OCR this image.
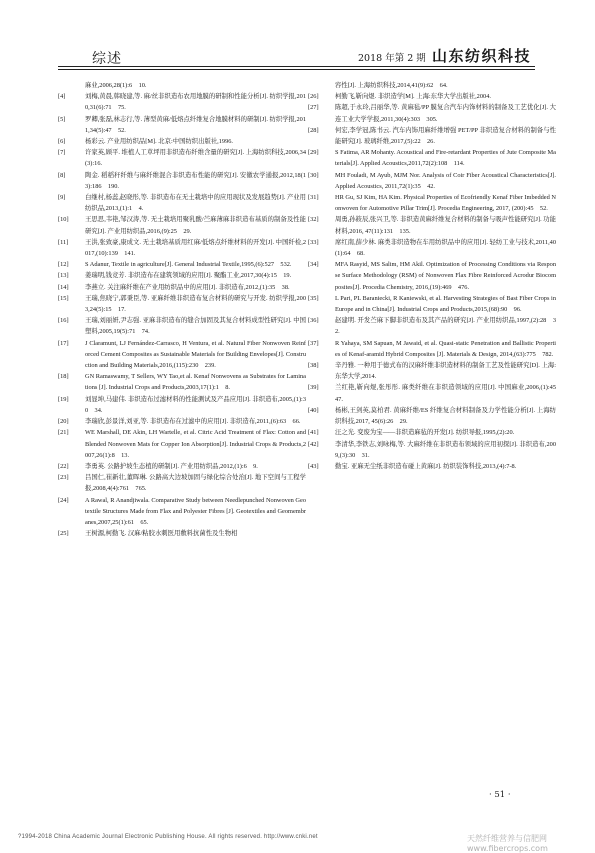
综述	2018 年第 2 期 山东纺织科技

麻业,2006,28(1):6　10.

[4]	刘梅,黄晨,韩晓建,等. 麻/丝非织造布农用地膜的研制和性能分析[J]. 纺织学报,2010,31(6):71　75.

[5]	罗卿,张磊,林志行,等. 薄型黄麻/低熔点纤维复合地膜材料的研制[J]. 纺织学报,2011,34(5):47　52.

[6]	杨彩云. 产业用纺织品[M]. 北京:中国纺织出版社,1996.

[7]	许家英,顾平. 堆植人工草坪用非织造布纤维含量的研究[J]. 上海纺织科技,2006,34(3):16.

[8]	陶金. 稻稻秆纤维与麻纤维混合非织造布性能的研究[J]. 安徽农学通报,2012,18(13):186　190.

[9]	白继村,杨蕊,赵晓彤,等. 非织造布在无土栽培中的应用现状及发展趋势[J]. 产业用纺织品,2013,(1):1　4.

[10]	王思思,韦艳,邹汉涛,等. 无土栽培用聚乳酸/苎麻薄麻非织造布基质的制备及性能研究[J]. 产业用纺织品,2016,(9):25　29.

[11]	王洪,张致豪,康成文. 无土栽培基质用红麻/低熔点纤维材料的开发[J]. 中国纤检,2017,(10):139　141.

[12]	S Adanur, Textile in agriculture[J]. General Industrial Textile,1995,(6):527　532.

[13]	姜瑞明,钱竞芳. 非织造布在建筑领域的应用[J]. 聚酯工业,2017,30(4):15　19.

[14]	李燕立. 关注麻纤维在产业用纺织品中的应用[J]. 非织造布,2012,(1):35　38.

[15]	王瑞,焦晓宁,郭秉臣,等. 亚麻纤维非织造布复合材料的研究与开发. 纺织学报,2003,24(5):15　17.

[16]	王瑞,刘丽妍,尹志强. 亚麻非织造布的缝合加固及其复合材料成型性研究[J]. 中国塑料,2005,19(5):71　74.

[17]	J Claramunt, LJ Fernández-Carrasco, H Ventura, et al. Natural Fiber Nonwoven Reinforced Cement Composites as Sustainable Materials for Building Envelopes[J]. Construction and Building Materials,2016,(115):230　239.

[18]	GN Ramaswamy, T Sellers, WY Tao,et al. Kenaf Nonwovens as Substrates for Laminations [J]. Industrial Crops and Products,2003,17(1):1　8.

[19]	刘显坤,马建伟. 非织造布过滤材料的性能测试及产品应用[J]. 非织造布,2005,(1):30　34.

[20]	李瑞欣,彭景洋,刘亚,等. 非织造布在过滤中的应用[J]. 非织造布,2011,(6):63　66.

[21]	WE Marshall, DE Akin, LH Wartelle, et al. Citric Acid Treatment of Flax: Cotton and Blended Nonwoven Mats for Copper Ion Absorption[J]. Industrial Crops & Products,2007,26(1):8　13.

[22]	李勇英. 公路护坡生态植的研制[J]. 产业用纺织品,2012,(1):6　9.

[23]	吕国仁,崔新壮,董晖琳. 公路高大边坡加固与绿化综合处治[J]. 地下空间与工程学报,2008,4(4):761　765.

[24]	A Rawal, R Anandjiwala. Comparative Study between Needlepunched Nonwoven Geotextile Structures Made from Flax and Polyester Fibres [J]. Geotextiles and Geomembranes,2007,25(1):61　65.

[25]	王树源,柯勤飞. 汉麻/粘胶水刺医用敷料抗菌性及生物相

容性[J]. 上海纺织科技,2014,41(9):62　64.

[26]	柯勤飞,靳向煜. 非织造学[M]. 上海:东华大学出版社,2004.

[27]	陈超,于永玲,吕丽华,等. 黄麻毡/PP 膜复合汽车内饰材料的制备及工艺优化[J]. 大连工业大学学报,2011,30(4):303　305.

[28]	何宏,李学冠,陈书云. 汽车内饰用麻纤维增强 PET/PP 非织造复合材料的制备与性能研究[J]. 玻璃纤维,2017,(5):22　26.

[29]	S Fatima, AR Mohanty. Acoustical and Fire-retardant Properties of Jute Composite Materials[J]. Applied Acoustics,2011,72(2):108　114.

[30]	MH Fouladi, M Ayub, MJM Nor. Analysis of Coir Fiber Acoustical Characteristics[J]. Applied Acoustics, 2011,72(1):35　42.

[31]	HR Gu, SJ Kim, HA Kim. Physical Properties of Ecofriendly Kenaf Fiber Imbedded Nonwoven for Automotive Pillar Trim[J]. Procedia Engineering, 2017, (200):45　52.

[32]	周勇,孙筱辰,张兴卫,等. 非织造黄麻纤维复合材料的制备与吸声性能研究[J]. 功能材料,2016, 47(11):131　135.

[33]	席红南,薛少林. 麻类非织造物在车用纺织品中的应用[J]. 轻纺工业与技术,2011,40(1):64　68.

[34]	MFA Rasyid, MS Salim, HM Akil. Optimization of Processing Conditions via Response Surface Methodology (RSM) of Nonwoven Flax Fibre Reinforced Acrodur Biocomposites[J]. Procedia Chemistry, 2016,(19):469　476.

[35]	L Pari, PL Baraniecki, R Kaniewski, et al. Harvesting Strategies of Bast Fiber Crops in Europe and in China[J]. Industrial Crops and Products,2015,(68):90　96.

[36]	赵建明. 开发苎麻下脚非织造布及其产品的研究[J]. 产业用纺织品,1997,(2):28　32.

[37]	R Yahaya, SM Sapuan, M Jawaid, et al. Quasi-static Penetration and Ballistic Properties of Kenaf-aramid Hybrid Composites [J]. Materials & Design, 2014,(63):775　782.

[38]	辛丹雅. 一种用于德式布的汉麻纤维非织造材料的制备工艺及性能研究[D]. 上海:东华大学,2014.

[39]	兰红艳,靳向煜,张彤彤. 麻类纤维在非织造领域的应用[J]. 中国麻业,2006,(1):45　47.

[40]	杨彬,王剑英,莫柏君. 黄麻纤维/ES 纤维复合材料制备及力学性能分析[J]. 上海纺织科技,2017, 45(6):26　29.

[41]	汪之光. 变废为宝——非织造麻毡的开发[J]. 纺织导报,1995,(2):20.

[42]	李清华,李铁志,刘咏梅,等. 大麻纤维在非织造布领域的应用初探[J]. 非织造布,2009,(3):30　31.

[43]	勤宝. 亚麻无尘纸非织造布碰上黄麻[J]. 纺织装饰科技,2013,(4):7-8.

· 51 ·
?1994-2018 China Academic Journal Electronic Publishing House. All rights reserved. http://www.cnki.net	天然纤维营养与信肥网 www.fibercrops.com
